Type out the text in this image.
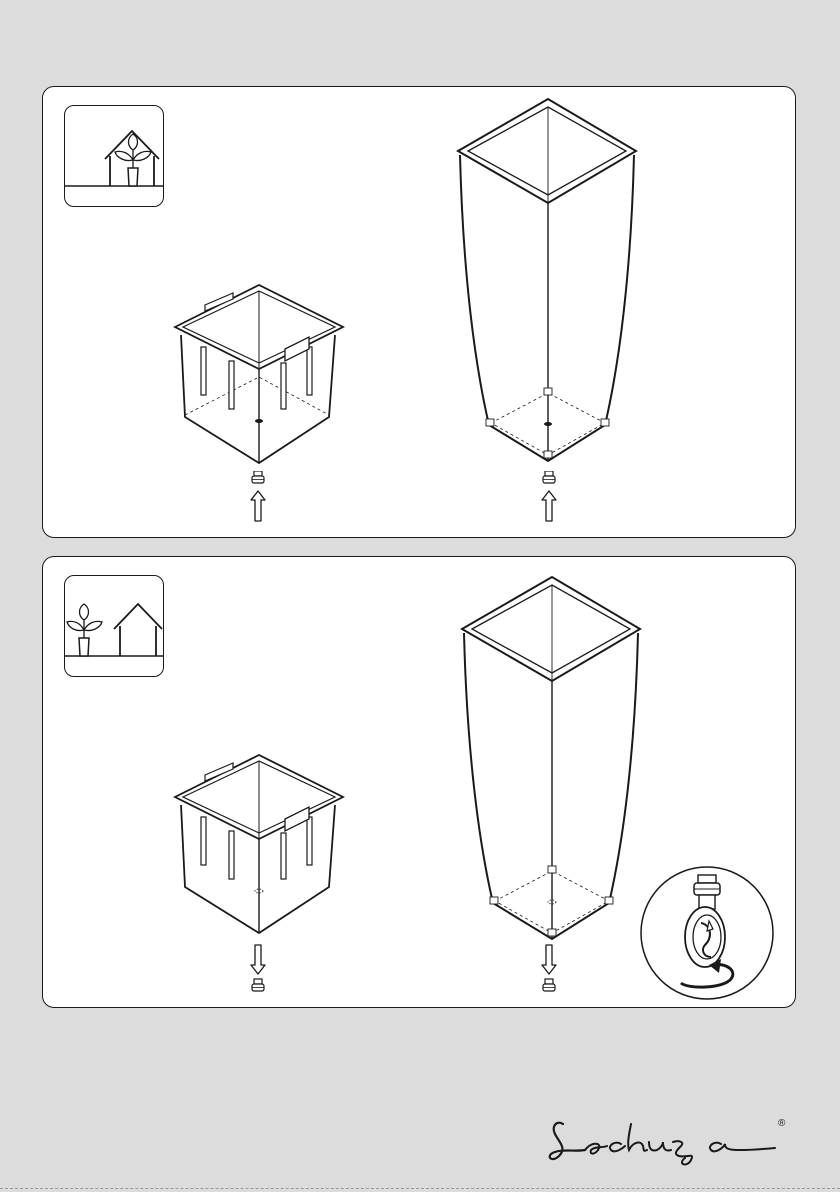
®
